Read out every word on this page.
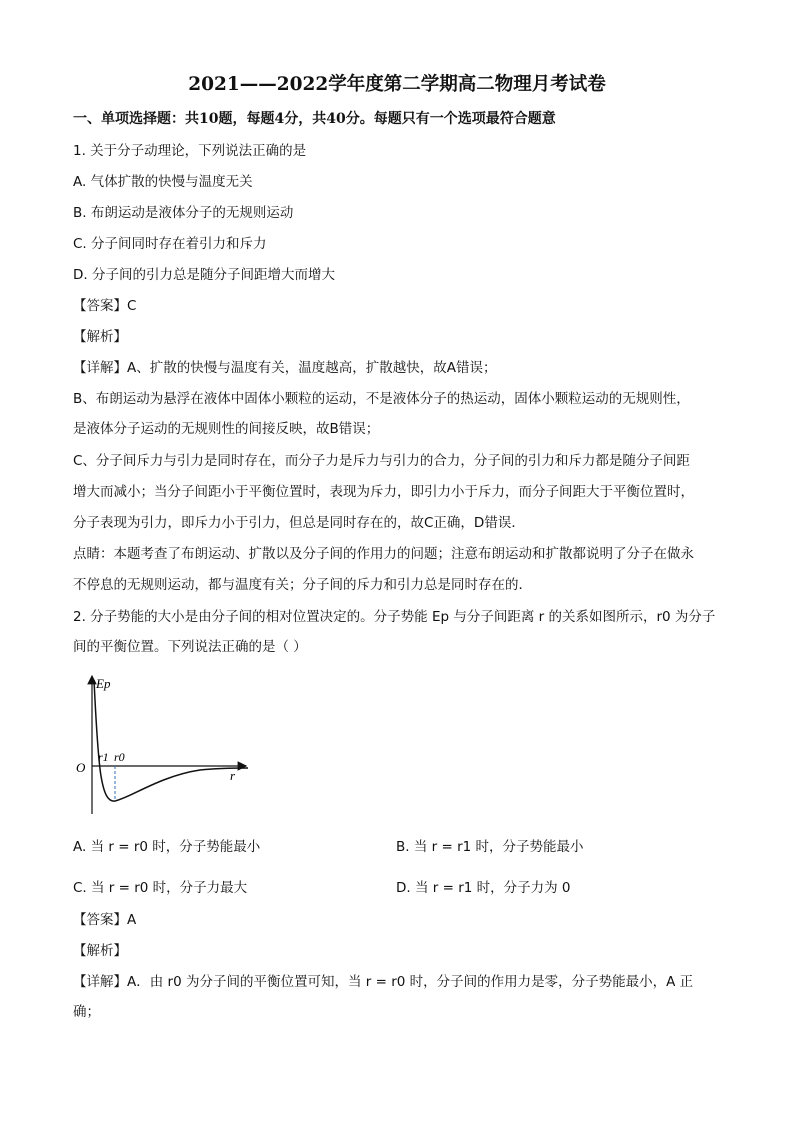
2021——2022学年度第二学期高二物理月考试卷
一、单项选择题：共10题，每题4分，共40分。每题只有一个选项最符合题意
1. 关于分子动理论，下列说法正确的是
A. 气体扩散的快慢与温度无关
B. 布朗运动是液体分子的无规则运动
C. 分子间同时存在着引力和斥力
D. 分子间的引力总是随分子间距增大而增大
【答案】C
【解析】
【详解】A、扩散的快慢与温度有关，温度越高，扩散越快，故A错误；
B、布朗运动为悬浮在液体中固体小颗粒的运动，不是液体分子的热运动，固体小颗粒运动的无规则性，
是液体分子运动的无规则性的间接反映，故B错误；
C、分子间斥力与引力是同时存在，而分子力是斥力与引力的合力，分子间的引力和斥力都是随分子间距
增大而减小；当分子间距小于平衡位置时，表现为斥力，即引力小于斥力，而分子间距大于平衡位置时，
分子表现为引力，即斥力小于引力，但总是同时存在的，故C正确，D错误．
点睛：本题考查了布朗运动、扩散以及分子间的作用力的问题；注意布朗运动和扩散都说明了分子在做永
不停息的无规则运动，都与温度有关；分子间的斥力和引力总是同时存在的．
2. 分子势能的大小是由分子间的相对位置决定的。分子势能 Ep 与分子间距离 r 的关系如图所示，r0 为分子
间的平衡位置。下列说法正确的是（ ）
Ep
O
r1 r0
r
A. 当 r = r0 时，分子势能最小	B. 当 r = r1 时，分子势能最小
C. 当 r = r0 时，分子力最大	D. 当 r = r1 时，分子力为 0
【答案】A
【解析】
【详解】A．由 r0 为分子间的平衡位置可知，当 r = r0 时，分子间的作用力是零，分子势能最小，A 正
确；
